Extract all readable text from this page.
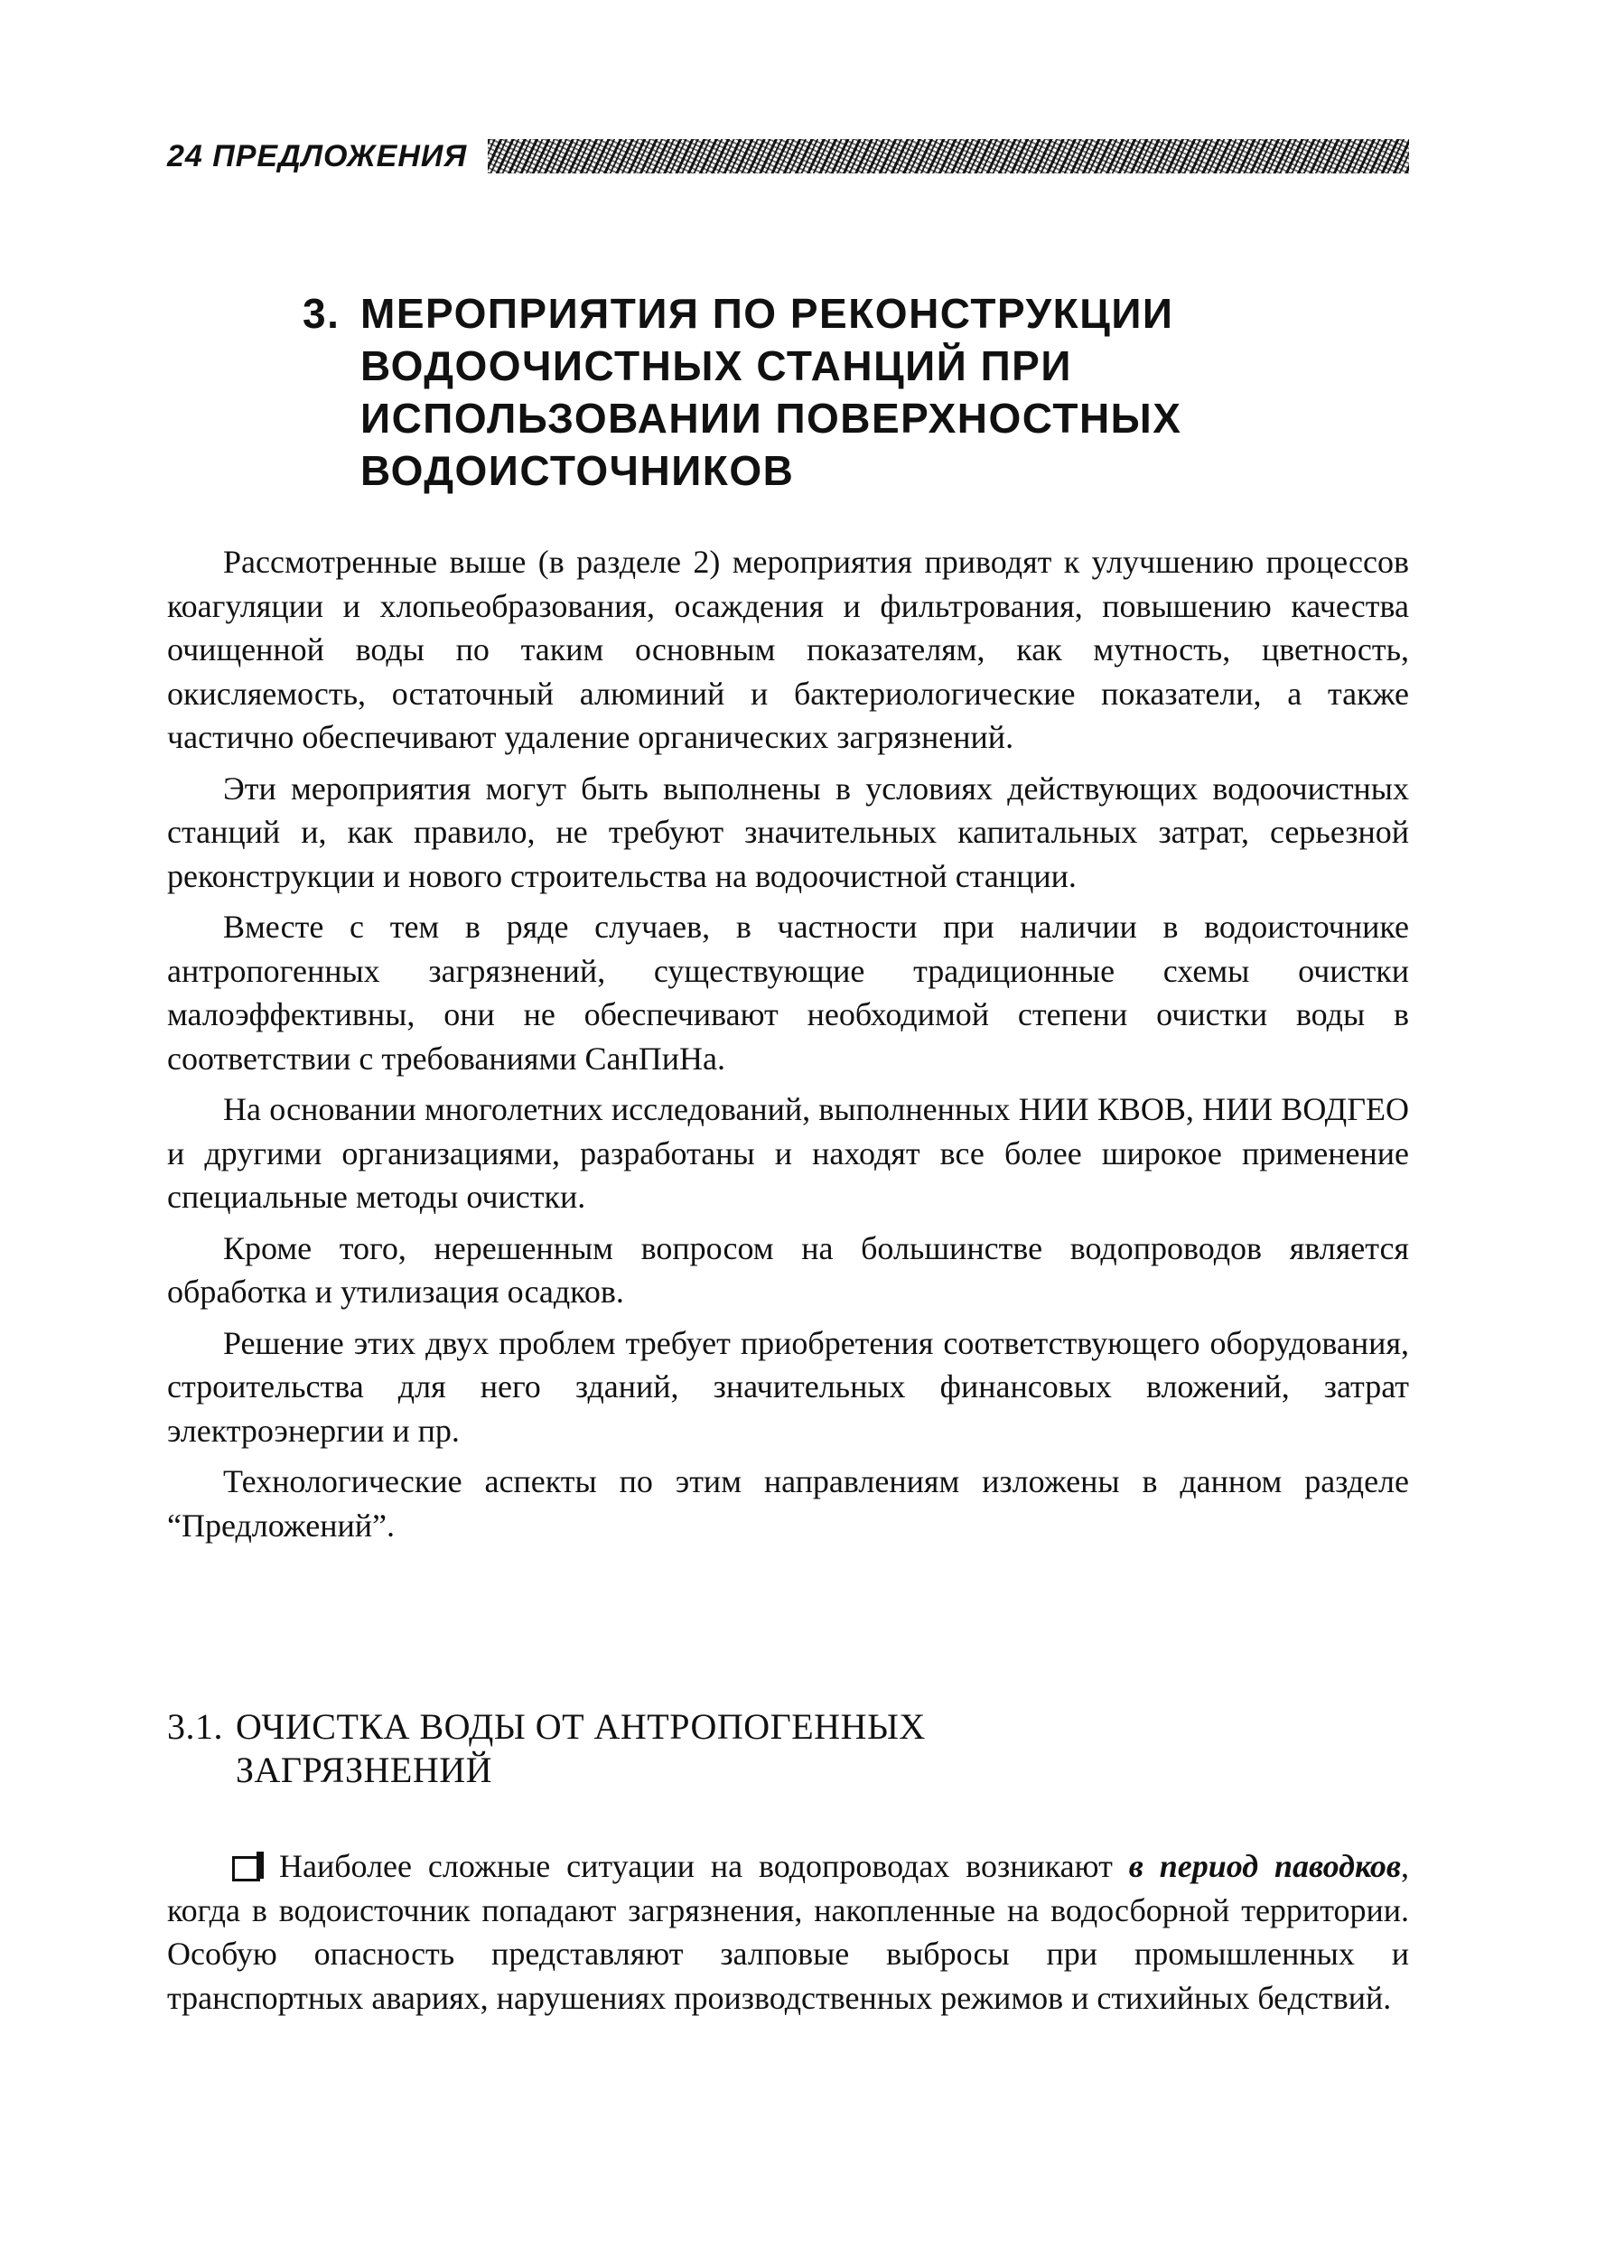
24 ПРЕДЛОЖЕНИЯ
3. МЕРОПРИЯТИЯ ПО РЕКОНСТРУКЦИИ
ВОДООЧИСТНЫХ СТАНЦИЙ ПРИ
ИСПОЛЬЗОВАНИИ ПОВЕРХНОСТНЫХ
ВОДОИСТОЧНИКОВ

Рассмотренные выше (в разделе 2) мероприятия приводят к улучшению процессов коагуляции и хлопьеобразования, осаждения и фильтрования, повышению качества очищенной воды по таким основным показателям, как мутность, цветность, окисляемость, остаточный алюминий и бактериологические показатели, а также частично обеспечивают удаление органических загрязнений.

Эти мероприятия могут быть выполнены в условиях действующих водоочистных станций и, как правило, не требуют значительных капитальных затрат, серьезной реконструкции и нового строительства на водоочистной станции.

Вместе с тем в ряде случаев, в частности при наличии в водоисточнике антропогенных загрязнений, существующие традиционные схемы очистки малоэффективны, они не обеспечивают необходимой степени очистки воды в соответствии с требованиями СанПиНа.

На основании многолетних исследований, выполненных НИИ КВОВ, НИИ ВОДГЕО и другими организациями, разработаны и находят все более широкое применение специальные методы очистки.

Кроме того, нерешенным вопросом на большинстве водопроводов является обработка и утилизация осадков.

Решение этих двух проблем требует приобретения соответствующего оборудования, строительства для него зданий, значительных финансовых вложений, затрат электроэнергии и пр.

Технологические аспекты по этим направлениям изложены в данном разделе “Предложений”.

3.1. ОЧИСТКА ВОДЫ ОТ АНТРОПОГЕННЫХ
ЗАГРЯЗНЕНИЙ

Наиболее сложные ситуации на водопроводах возникают в период паводков, когда в водоисточник попадают загрязнения, накопленные на водосборной территории. Особую опасность представляют залповые выбросы при промышленных и транспортных авариях, нарушениях производственных режимов и стихийных бедствий.
